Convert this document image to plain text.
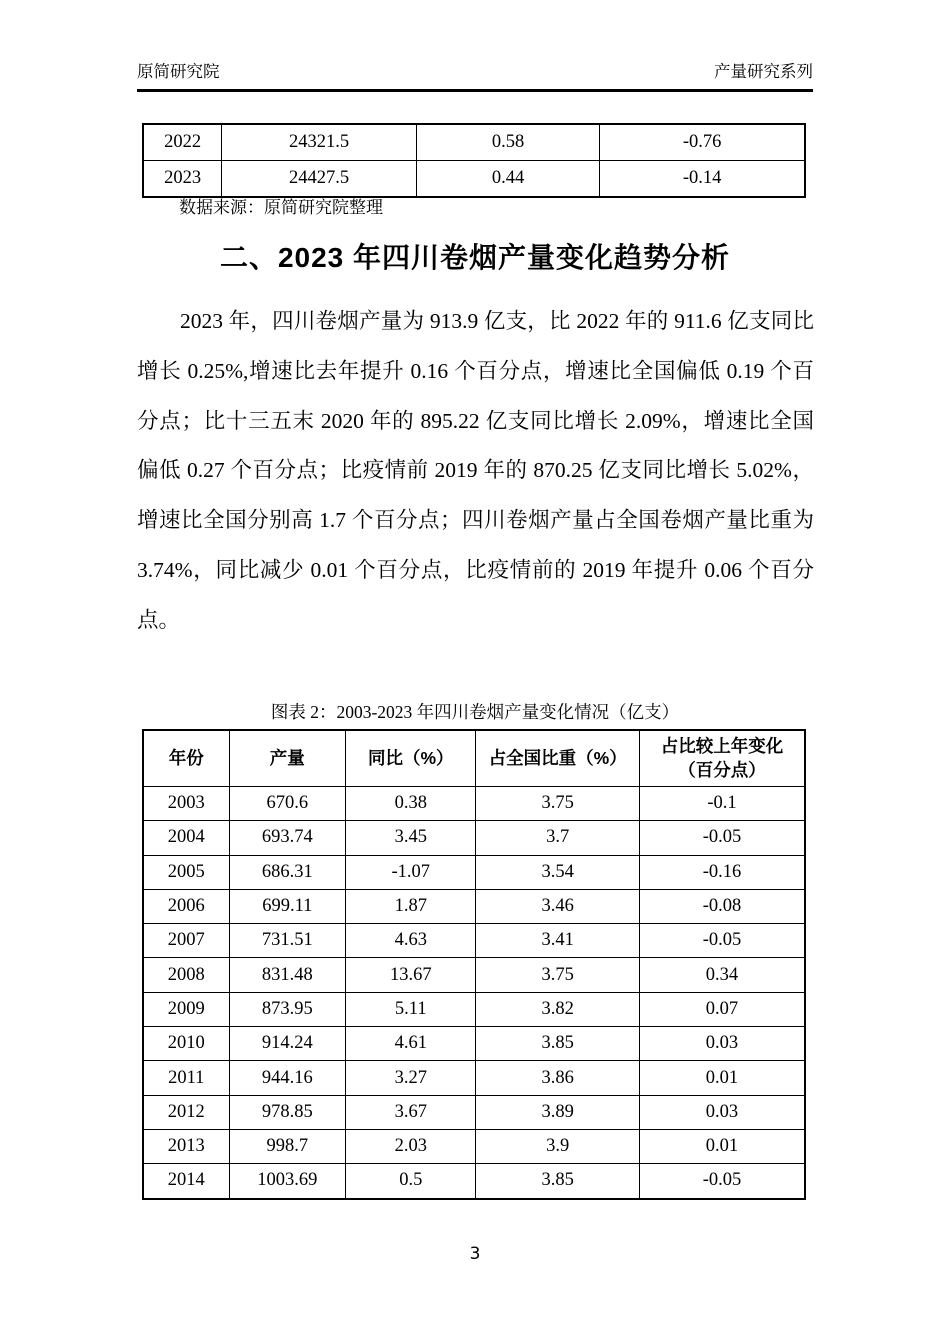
原简研究院	产量研究系列
2022	24321.5	0.58	-0.76
2023	24427.5	0.44	-0.14

数据来源：原简研究院整理

二、2023 年四川卷烟产量变化趋势分析

2023 年，四川卷烟产量为 913.9 亿支，比 2022 年的 911.6 亿支同比增长 0.25%,增速比去年提升 0.16 个百分点，增速比全国偏低 0.19 个百分点；比十三五末 2020 年的 895.22 亿支同比增长 2.09%，增速比全国偏低 0.27 个百分点；比疫情前 2019 年的 870.25 亿支同比增长 5.02%，增速比全国分别高 1.7 个百分点；四川卷烟产量占全国卷烟产量比重为 3.74%，同比减少 0.01 个百分点，比疫情前的 2019 年提升 0.06 个百分点。

图表 2：2003-2023 年四川卷烟产量变化情况（亿支）

年份	产量	同比（%）	占全国比重（%）	占比较上年变化
（百分点）

2003	670.6	0.38	3.75	-0.1
2004	693.74	3.45	3.7	-0.05
2005	686.31	-1.07	3.54	-0.16
2006	699.11	1.87	3.46	-0.08
2007	731.51	4.63	3.41	-0.05
2008	831.48	13.67	3.75	0.34
2009	873.95	5.11	3.82	0.07
2010	914.24	4.61	3.85	0.03
2011	944.16	3.27	3.86	0.01
2012	978.85	3.67	3.89	0.03
2013	998.7	2.03	3.9	0.01
2014	1003.69	0.5	3.85	-0.05
3
